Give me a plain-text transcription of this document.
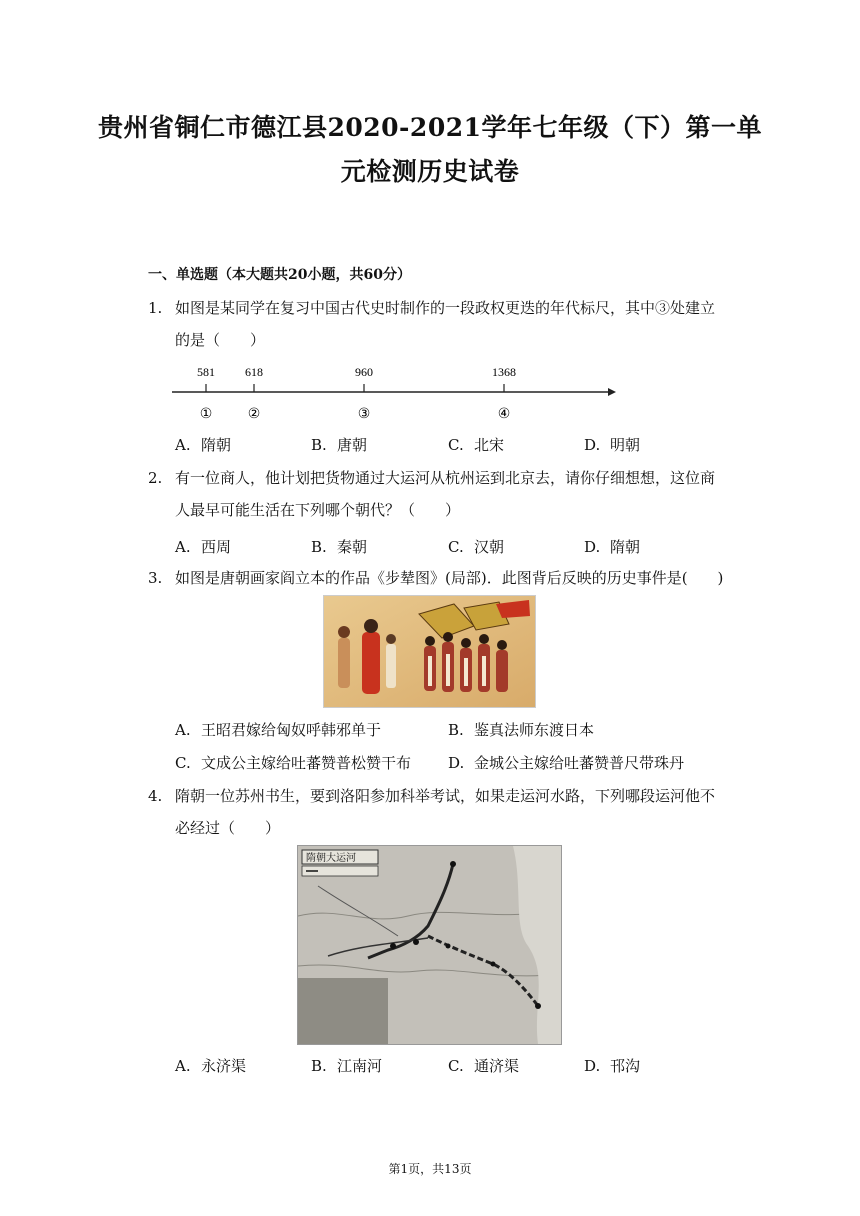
贵州省铜仁市德江县2020-2021学年七年级（下）第一单
元检测历史试卷
一、单选题（本大题共20小题，共60分）
1. 如图是某同学在复习中国古代史时制作的一段政权更迭的年代标尺，其中③处建立的是（　　）
581
①
618
②
960
③
1368
④
A. 隋朝	B. 唐朝	C. 北宋	D. 明朝
2. 有一位商人，他计划把货物通过大运河从杭州运到北京去，请你仔细想想，这位商人最早可能生活在下列哪个朝代？（　　）
A. 西周	B. 秦朝	C. 汉朝	D. 隋朝
3. 如图是唐朝画家阎立本的作品《步辇图》(局部)．此图背后反映的历史事件是(　　)
A. 王昭君嫁给匈奴呼韩邪单于	B. 鉴真法师东渡日本
C. 文成公主嫁给吐蕃赞普松赞干布 D. 金城公主嫁给吐蕃赞普尺带珠丹
4. 隋朝一位苏州书生，要到洛阳参加科举考试，如果走运河水路，下列哪段运河他不必经过（　　）
隋朝大运河
A. 永济渠	B. 江南河	C. 通济渠	D. 邗沟
第1页，共13页
